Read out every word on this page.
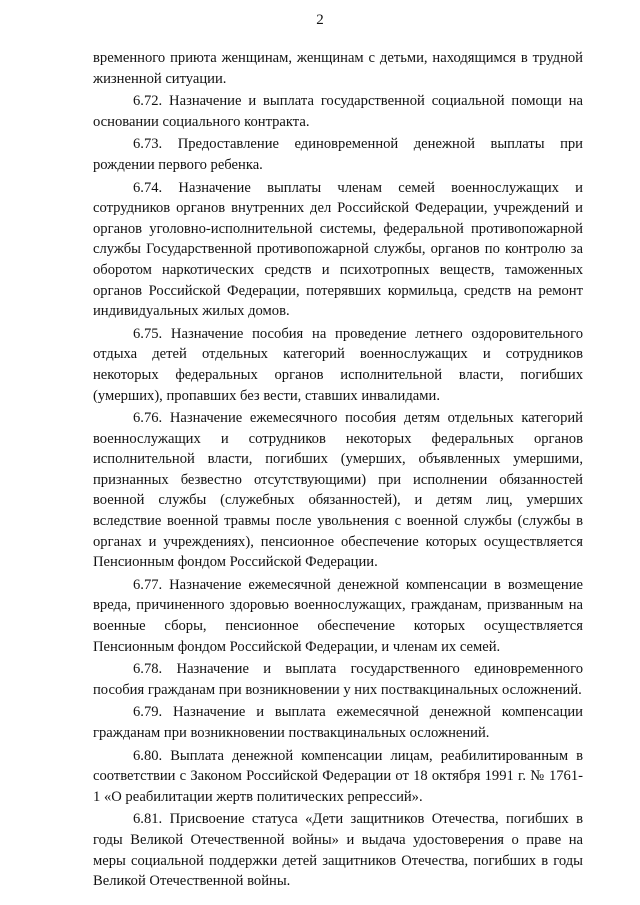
2

временного приюта женщинам, женщинам с детьми, находящимся в трудной жизненной ситуации.

6.72. Назначение и выплата государственной социальной помощи на основании социального контракта.

6.73. Предоставление единовременной денежной выплаты при рождении первого ребенка.

6.74. Назначение выплаты членам семей военнослужащих и сотрудников органов внутренних дел Российской Федерации, учреждений и органов уголовно-исполнительной системы, федеральной противопожарной службы Государственной противопожарной службы, органов по контролю за оборотом наркотических средств и психотропных веществ, таможенных органов Российской Федерации, потерявших кормильца, средств на ремонт индивидуальных жилых домов.

6.75. Назначение пособия на проведение летнего оздоровительного отдыха детей отдельных категорий военнослужащих и сотрудников некоторых федеральных органов исполнительной власти, погибших (умерших), пропавших без вести, ставших инвалидами.

6.76. Назначение ежемесячного пособия детям отдельных категорий военнослужащих и сотрудников некоторых федеральных органов исполнительной власти, погибших (умерших, объявленных умершими, признанных безвестно отсутствующими) при исполнении обязанностей военной службы (служебных обязанностей), и детям лиц, умерших вследствие военной травмы после увольнения с военной службы (службы в органах и учреждениях), пенсионное обеспечение которых осуществляется Пенсионным фондом Российской Федерации.

6.77. Назначение ежемесячной денежной компенсации в возмещение вреда, причиненного здоровью военнослужащих, гражданам, призванным на военные сборы, пенсионное обеспечение которых осуществляется Пенсионным фондом Российской Федерации, и членам их семей.

6.78. Назначение и выплата государственного единовременного пособия гражданам при возникновении у них поствакцинальных осложнений.

6.79. Назначение и выплата ежемесячной денежной компенсации гражданам при возникновении поствакцинальных осложнений.

6.80. Выплата денежной компенсации лицам, реабилитированным в соответствии с Законом Российской Федерации от 18 октября 1991 г. № 1761-1 «О реабилитации жертв политических репрессий».

6.81. Присвоение статуса «Дети защитников Отечества, погибших в годы Великой Отечественной войны» и выдача удостоверения о праве на меры социальной поддержки детей защитников Отечества, погибших в годы Великой Отечественной войны.
